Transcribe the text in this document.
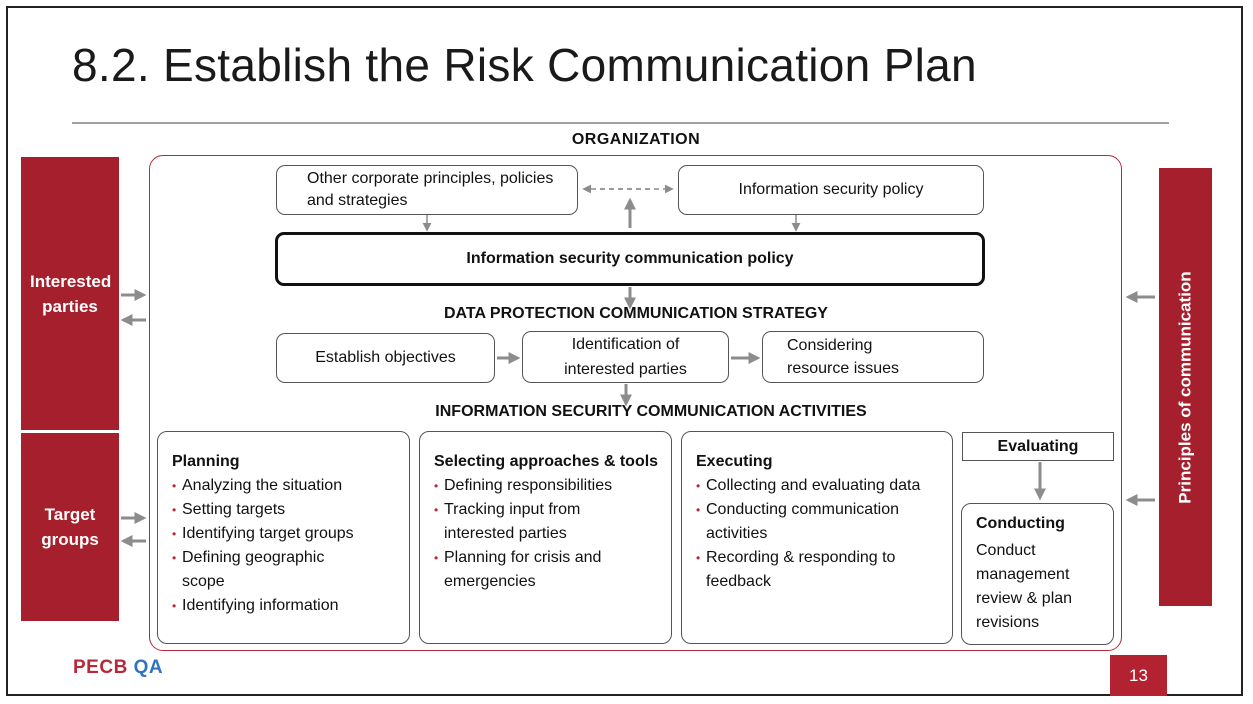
8.2. Establish the Risk Communication Plan
ORGANIZATION
Interested parties
Target groups
Principles of communication
Other corporate principles, policies and strategies
Information security policy
Information security communication policy
DATA PROTECTION COMMUNICATION STRATEGY
Establish objectives
Identification of interested parties
Considering resource issues
INFORMATION SECURITY COMMUNICATION ACTIVITIES
Planning
• Analyzing the situation
• Setting targets
• Identifying target groups
• Defining geographic scope
• Identifying information
Selecting approaches & tools
• Defining responsibilities
• Tracking input from interested parties
• Planning for crisis and emergencies
Executing
• Collecting and evaluating data
• Conducting communication activities
• Recording & responding to feedback
Evaluating
Conducting
Conduct management review & plan revisions
PECB QA	13
